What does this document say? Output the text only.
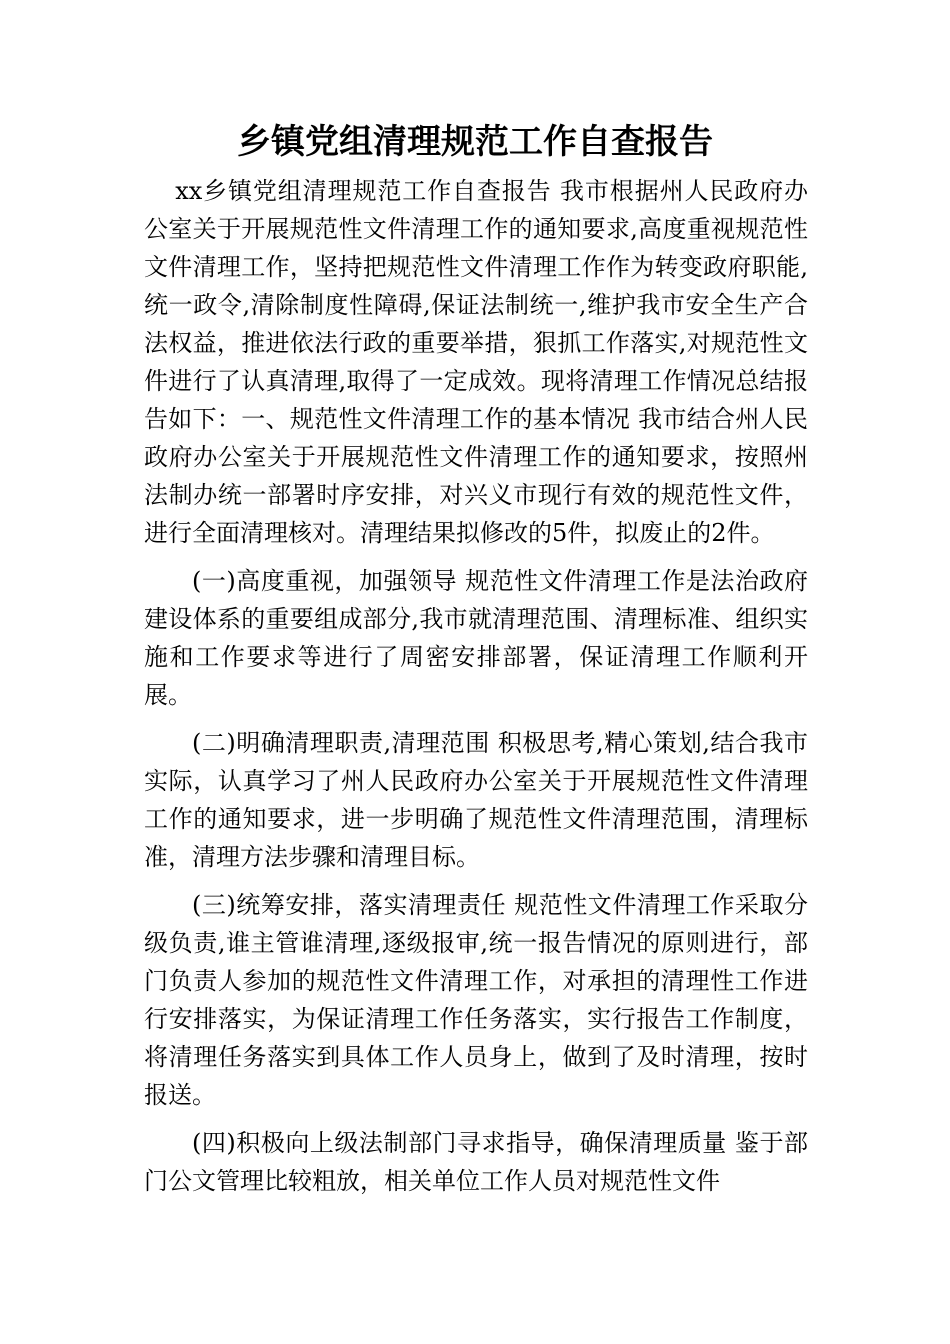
乡镇党组清理规范工作自查报告

xx乡镇党组清理规范工作自查报告 我市根据州人民政府办公室关于开展规范性文件清理工作的通知要求,高度重视规范性文件清理工作，坚持把规范性文件清理工作作为转变政府职能,统一政令,清除制度性障碍,保证法制统一,维护我市安全生产合法权益，推进依法行政的重要举措，狠抓工作落实,对规范性文件进行了认真清理,取得了一定成效。现将清理工作情况总结报告如下：一、规范性文件清理工作的基本情况 我市结合州人民政府办公室关于开展规范性文件清理工作的通知要求，按照州法制办统一部署时序安排，对兴义市现行有效的规范性文件，进行全面清理核对。清理结果拟修改的5件，拟废止的2件。

(一)高度重视，加强领导 规范性文件清理工作是法治政府建设体系的重要组成部分,我市就清理范围、清理标准、组织实施和工作要求等进行了周密安排部署，保证清理工作顺利开展。

(二)明确清理职责,清理范围 积极思考,精心策划,结合我市实际，认真学习了州人民政府办公室关于开展规范性文件清理工作的通知要求，进一步明确了规范性文件清理范围，清理标准，清理方法步骤和清理目标。

(三)统筹安排，落实清理责任 规范性文件清理工作采取分级负责,谁主管谁清理,逐级报审,统一报告情况的原则进行，部门负责人参加的规范性文件清理工作，对承担的清理性工作进行安排落实，为保证清理工作任务落实，实行报告工作制度，将清理任务落实到具体工作人员身上，做到了及时清理，按时报送。

(四)积极向上级法制部门寻求指导，确保清理质量 鉴于部门公文管理比较粗放，相关单位工作人员对规范性文件
